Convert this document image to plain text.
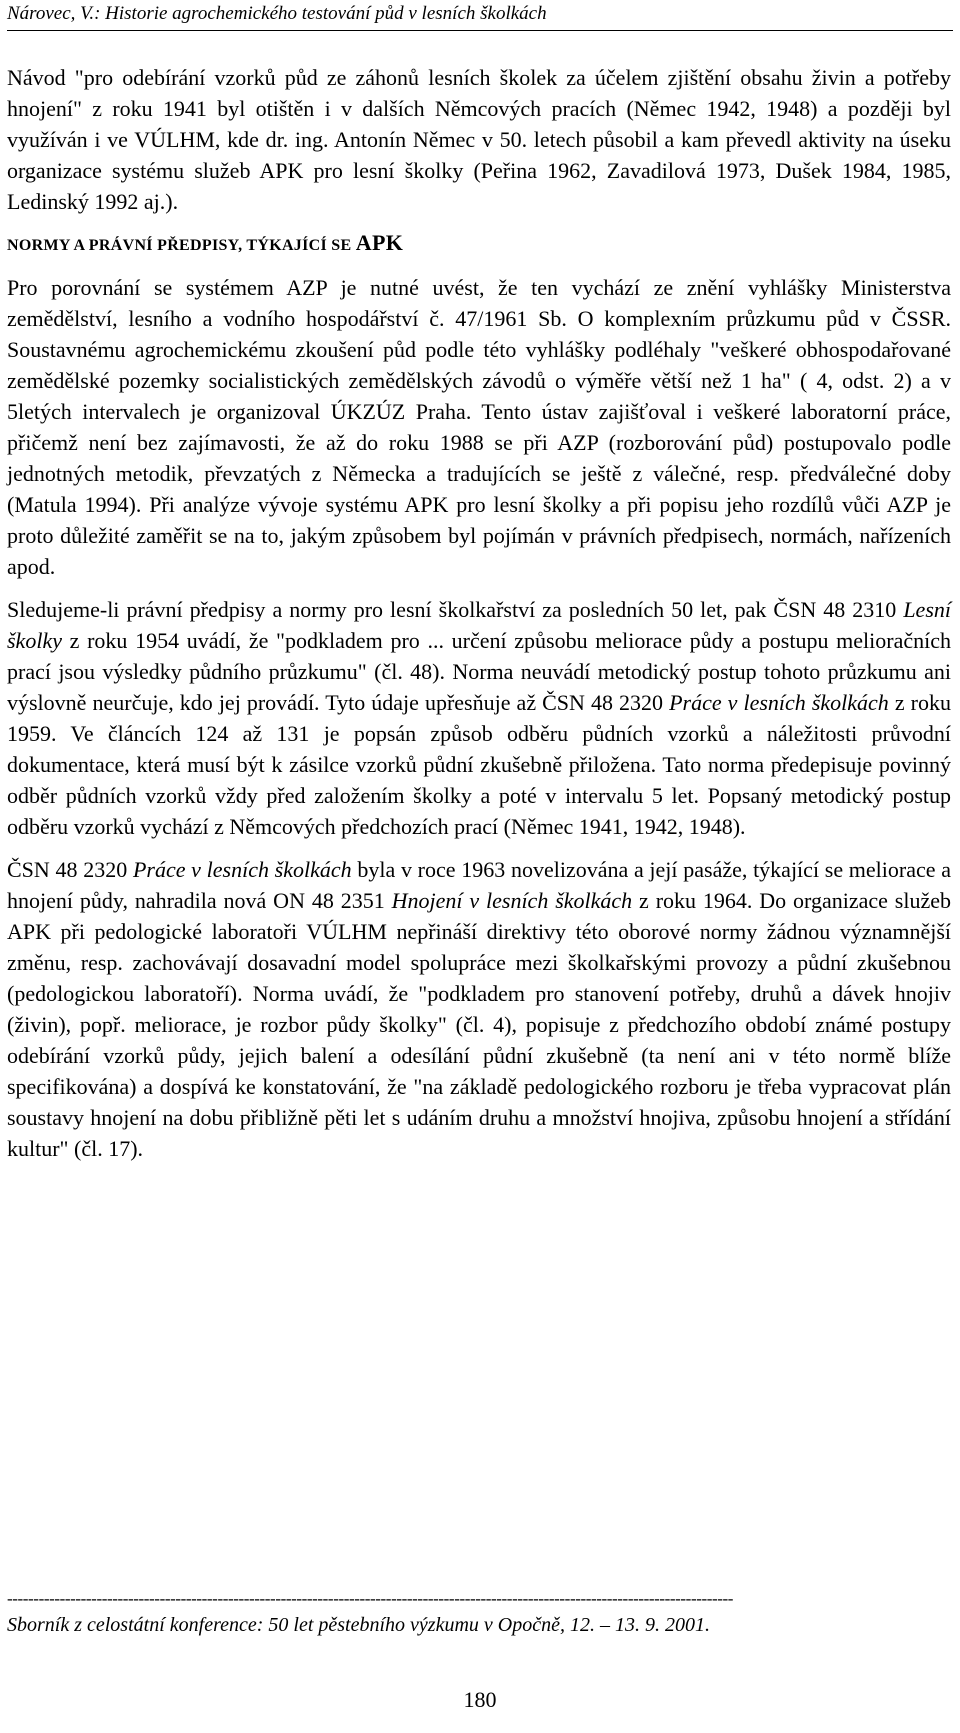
Nárovec, V.: Historie agrochemického testování půd v lesních školkách

Návod "pro odebírání vzorků půd ze záhonů lesních školek za účelem zjištění obsahu živin a potřeby hnojení" z roku 1941 byl otištěn i v dalších Němcových pracích (Němec 1942, 1948) a později byl využíván i ve VÚLHM, kde dr. ing. Antonín Němec v 50. letech působil a kam převedl aktivity na úseku organizace systému služeb APK pro lesní školky (Peřina 1962, Zavadilová 1973, Dušek 1984, 1985, Ledinský 1992 aj.).

NORMY A PRÁVNÍ PŘEDPISY, TÝKAJÍCÍ SE APK

Pro porovnání se systémem AZP je nutné uvést, že ten vychází ze znění vyhlášky Ministerstva zemědělství, lesního a vodního hospodářství č. 47/1961 Sb. O komplexním průzkumu půd v ČSSR. Soustavnému agrochemickému zkoušení půd podle této vyhlášky podléhaly "veškeré obhospodařované zemědělské pozemky socialistických zemědělských závodů o výměře větší než 1 ha" ( 4, odst. 2) a v 5letých intervalech je organizoval ÚKZÚZ Praha. Tento ústav zajišťoval i veškeré laboratorní práce, přičemž není bez zajímavosti, že až do roku 1988 se při AZP (rozborování půd) postupovalo podle jednotných metodik, převzatých z Německa a tradujících se ještě z válečné, resp. předválečné doby (Matula 1994). Při analýze vývoje systému APK pro lesní školky a při popisu jeho rozdílů vůči AZP je proto důležité zaměřit se na to, jakým způsobem byl pojímán v právních předpisech, normách, nařízeních apod.

Sledujeme-li právní předpisy a normy pro lesní školkařství za posledních 50 let, pak ČSN 48 2310 Lesní školky z roku 1954 uvádí, že "podkladem pro ... určení způsobu meliorace půdy a postupu melioračních prací jsou výsledky půdního průzkumu" (čl. 48). Norma neuvádí metodický postup tohoto průzkumu ani výslovně neurčuje, kdo jej provádí. Tyto údaje upřesňuje až ČSN 48 2320 Práce v lesních školkách z roku 1959. Ve článcích 124 až 131 je popsán způsob odběru půdních vzorků a náležitosti průvodní dokumentace, která musí být k zásilce vzorků půdní zkušebně přiložena. Tato norma předepisuje povinný odběr půdních vzorků vždy před založením školky a poté v intervalu 5 let. Popsaný metodický postup odběru vzorků vychází z Němcových předchozích prací (Němec 1941, 1942, 1948).

ČSN 48 2320 Práce v lesních školkách byla v roce 1963 novelizována a její pasáže, týkající se meliorace a hnojení půdy, nahradila nová ON 48 2351 Hnojení v lesních školkách z roku 1964. Do organizace služeb APK při pedologické laboratoři VÚLHM nepřináší direktivy této oborové normy žádnou významnější změnu, resp. zachovávají dosavadní model spolupráce mezi školkařskými provozy a půdní zkušebnou (pedologickou laboratoří). Norma uvádí, že "podkladem pro stanovení potřeby, druhů a dávek hnojiv (živin), popř. meliorace, je rozbor půdy školky" (čl. 4), popisuje z předchozího období známé postupy odebírání vzorků půdy, jejich balení a odesílání půdní zkušebně (ta není ani v této normě blíže specifikována) a dospívá ke konstatování, že "na základě pedologického rozboru je třeba vypracovat plán soustavy hnojení na dobu přibližně pěti let s udáním druhu a množství hnojiva, způsobu hnojení a střídání kultur" (čl. 17).

------------------------------------------------------------------------------------------------------------------------------------------
Sborník z celostátní konference: 50 let pěstebního výzkumu v Opočně, 12. – 13. 9. 2001.
180
